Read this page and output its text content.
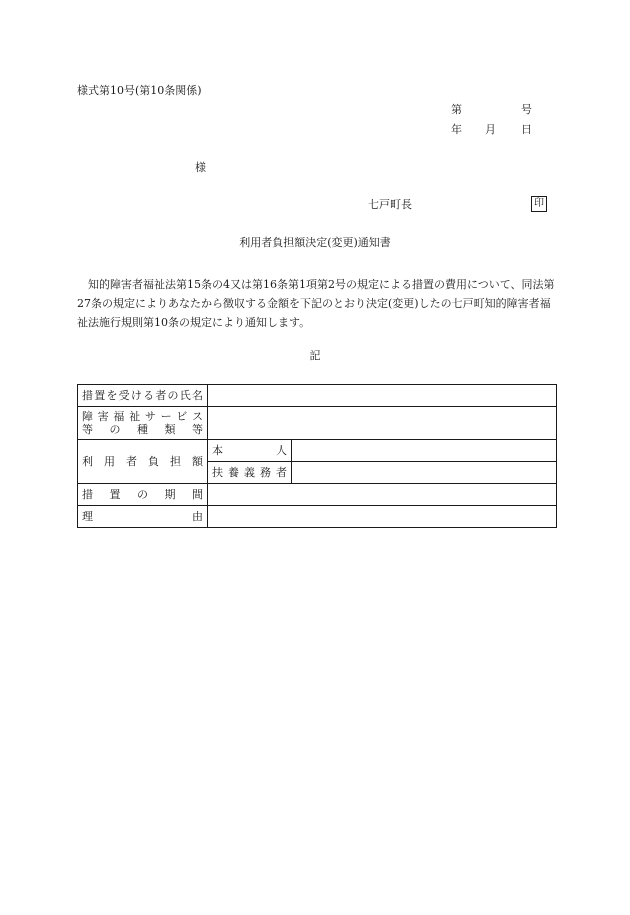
様式第10号(第10条関係)
第	号
年 月 日
様
七戸町長	印
利用者負担額決定(変更)通知書
知的障害者福祉法第15条の4又は第16条第1項第2号の規定による措置の費用について、同法第27条の規定によりあなたから徴収する金額を下記のとおり決定(変更)したの七戸町知的障害者福祉法施行規則第10条の規定により通知します。
記
措置を受ける者の氏名		

障害福祉サービス
等の種類等		

利用者負担額	本人	
	扶養義務者	
措置の期間		
理由		
